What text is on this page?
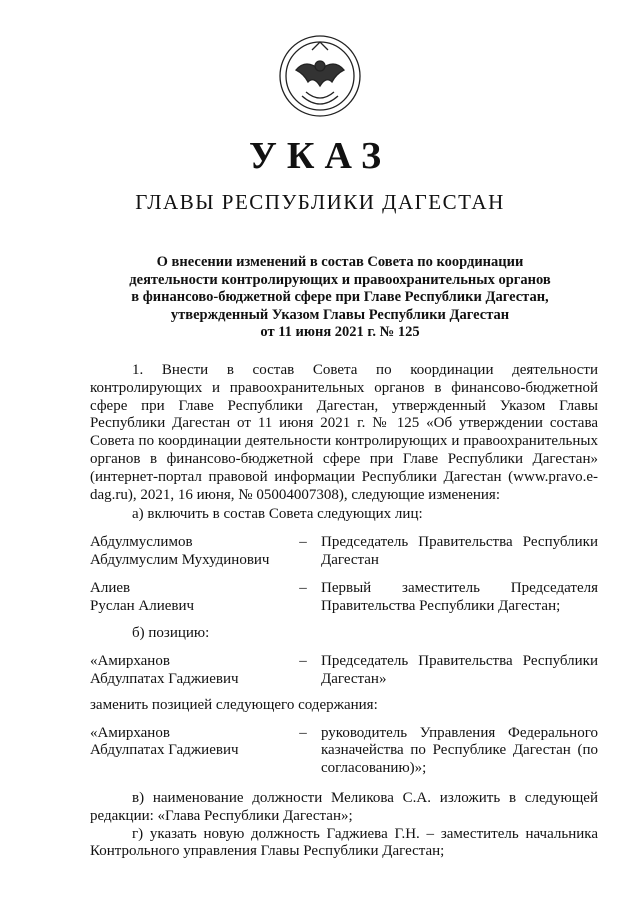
УКАЗ
ГЛАВЫ РЕСПУБЛИКИ ДАГЕСТАН
О внесении изменений в состав Совета по координации
деятельности контролирующих и правоохранительных органов
в финансово-бюджетной сфере при Главе Республики Дагестан,
утвержденный Указом Главы Республики Дагестан
от 11 июня 2021 г. № 125

1. Внести в состав Совета по координации деятельности контролирующих и правоохранительных органов в финансово-бюджетной сфере при Главе Республики Дагестан, утвержденный Указом Главы Республики Дагестан от 11 июня 2021 г. № 125 «Об утверждении состава Совета по координации деятельности контролирующих и правоохранительных органов в финансово-бюджетной сфере при Главе Республики Дагестан» (интернет-портал правовой информации Республики Дагестан (www.pravo.e-dag.ru), 2021, 16 июня, № 05004007308), следующие изменения:

а) включить в состав Совета следующих лиц:

Абдулмуслимов
Абдулмуслим Мухудинович
– Председатель Правительства Республики Дагестан
Алиев
Руслан Алиевич
– Первый заместитель Председателя Правительства Республики Дагестан;

б) позицию:

«Амирханов
Абдулпатах Гаджиевич
– Председатель Правительства Республики Дагестан»
заменить позицией следующего содержания:
«Амирханов
Абдулпатах Гаджиевич
– руководитель Управления Федерального казначейства по Республике Дагестан (по согласованию)»;

в) наименование должности Меликова С.А. изложить в следующей редакции: «Глава Республики Дагестан»;

г) указать новую должность Гаджиева Г.Н. – заместитель начальника Контрольного управления Главы Республики Дагестан;
